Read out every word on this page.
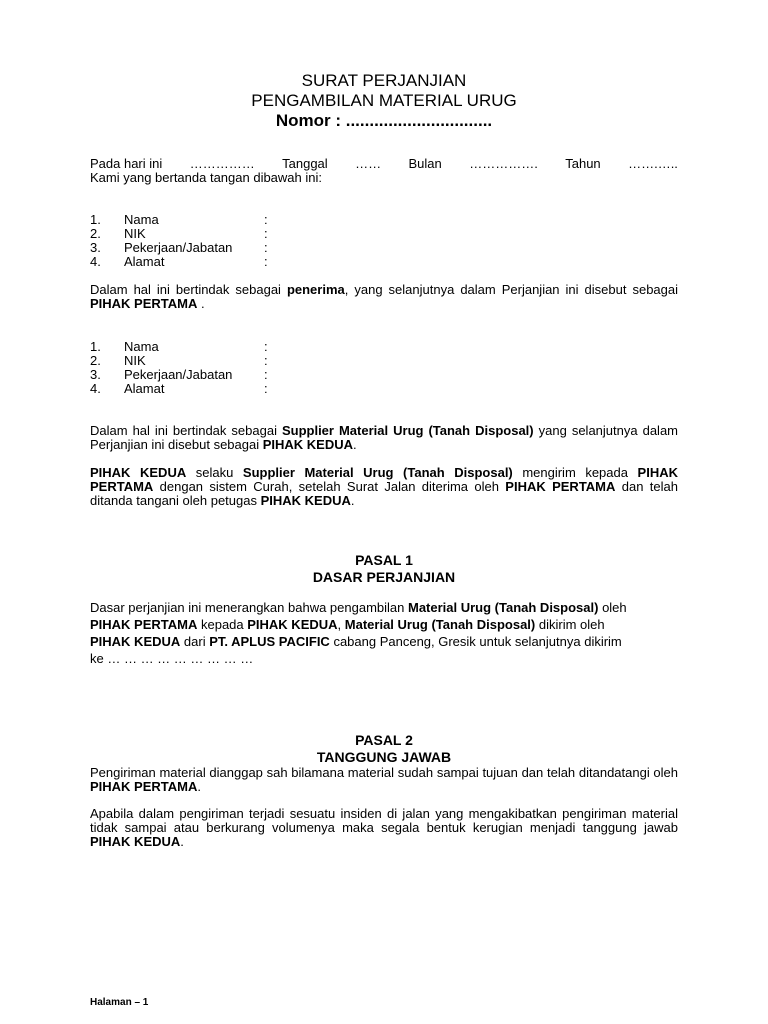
SURAT PERJANJIAN
PENGAMBILAN MATERIAL URUG
Nomor : ...............................
Pada hari ini …………… Tanggal …… Bulan ……………. Tahun …….…..
Kami yang bertanda tangan dibawah ini:
1. Nama	:
2. NIK	:
3. Pekerjaan/Jabatan :
4. Alamat	:
Dalam hal ini bertindak sebagai penerima, yang selanjutnya dalam Perjanjian ini disebut sebagai PIHAK PERTAMA .
1. Nama	:
2. NIK	:
3. Pekerjaan/Jabatan :
4. Alamat	:
Dalam hal ini bertindak sebagai Supplier Material Urug (Tanah Disposal) yang selanjutnya dalam Perjanjian ini disebut sebagai PIHAK KEDUA.
PIHAK KEDUA selaku Supplier Material Urug (Tanah Disposal) mengirim kepada PIHAK PERTAMA dengan sistem Curah, setelah Surat Jalan diterima oleh PIHAK PERTAMA dan telah ditanda tangani oleh petugas PIHAK KEDUA.
PASAL 1
DASAR PERJANJIAN
Dasar perjanjian ini menerangkan bahwa pengambilan Material Urug (Tanah Disposal) oleh PIHAK PERTAMA kepada PIHAK KEDUA, Material Urug (Tanah Disposal) dikirim oleh PIHAK KEDUA dari PT. APLUS PACIFIC cabang Panceng, Gresik untuk selanjutnya dikirim ke … … … … … … … … …
PASAL 2
TANGGUNG JAWAB
Pengiriman material dianggap sah bilamana material sudah sampai tujuan dan telah ditandatangi oleh PIHAK PERTAMA.
Apabila dalam pengiriman terjadi sesuatu insiden di jalan yang mengakibatkan pengiriman material tidak sampai atau berkurang volumenya maka segala bentuk kerugian menjadi tanggung jawab PIHAK KEDUA.
Halaman – 1
